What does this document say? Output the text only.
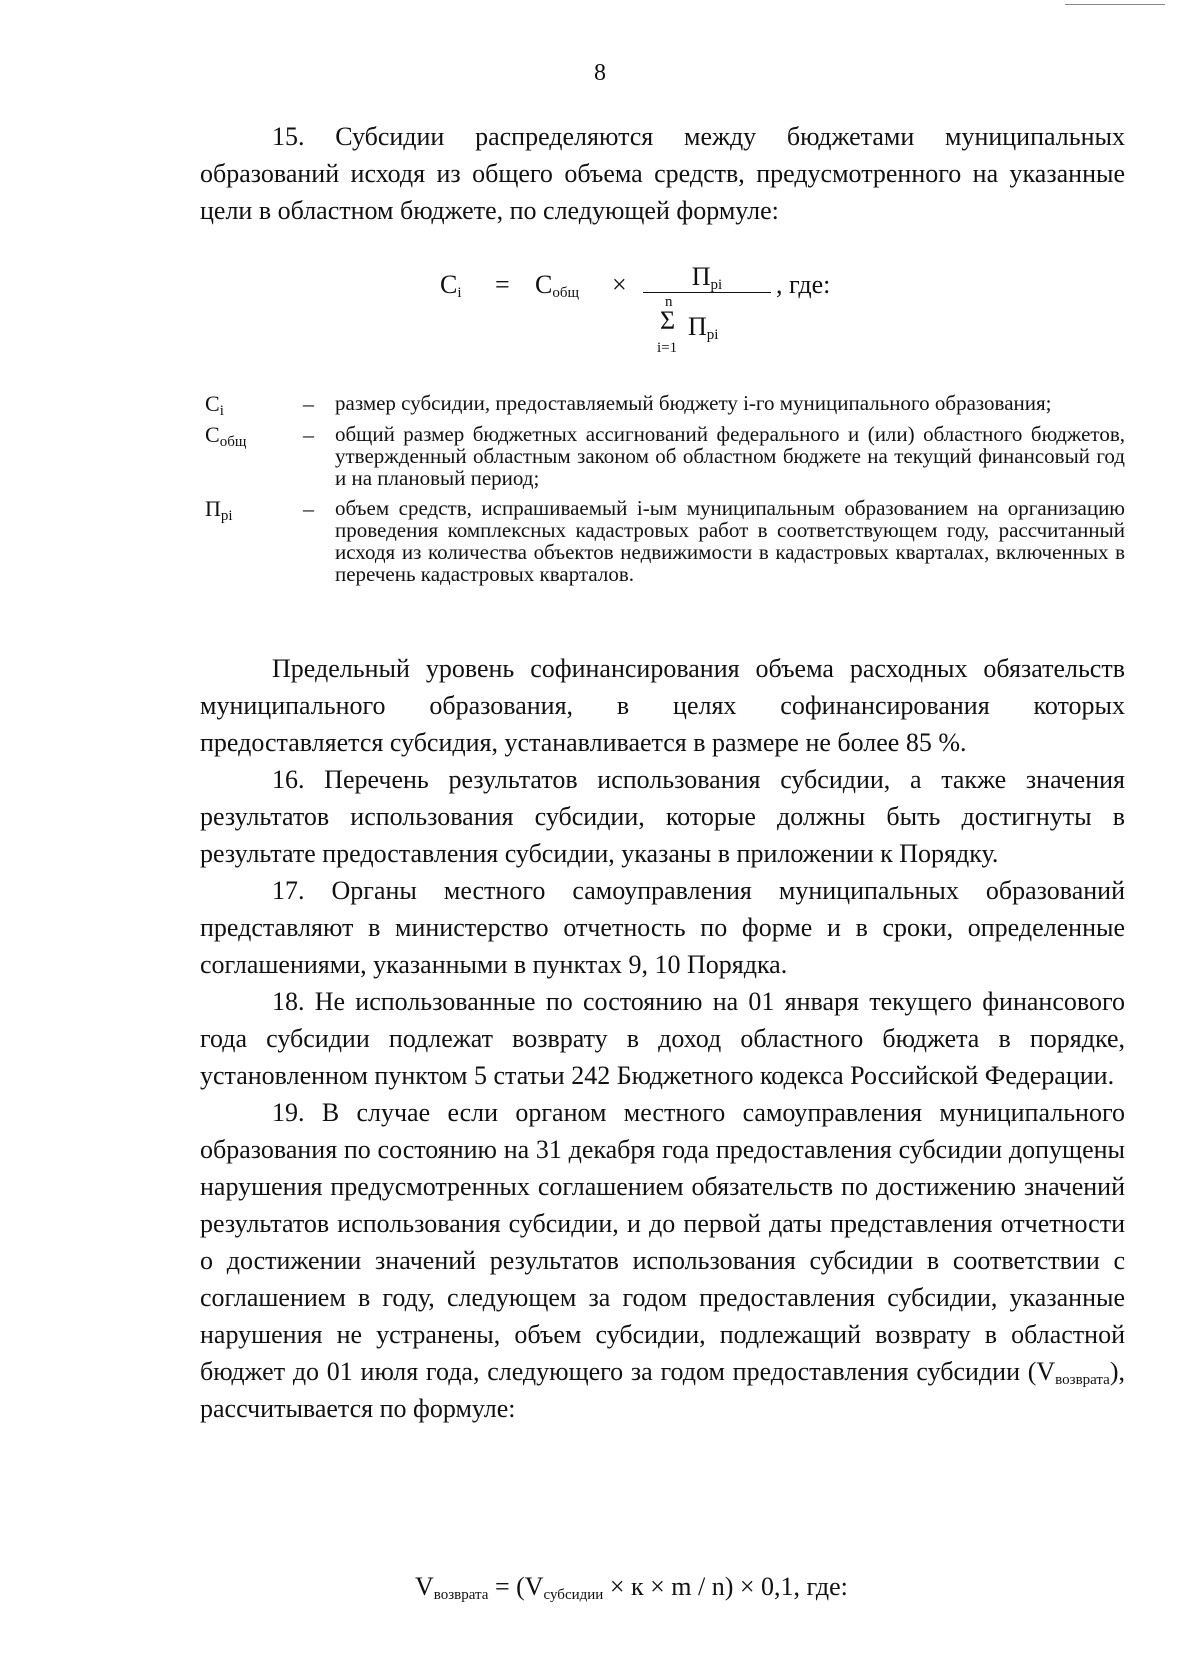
8

15. Субсидии распределяются между бюджетами муниципальных образований исходя из общего объема средств, предусмотренного на указанные цели в областном бюджете, по следующей формуле:

$C_i = C_{общ}$ ×	$П_{pi}$	, где:
n
Σ
i=1
$П_{pi}$
$C_i$	–	размер субсидии, предоставляемый бюджету i-го муниципального образования;
$C_{общ}$	–	общий размер бюджетных ассигнований федерального и (или) областного бюджетов, утвержденный областным законом об областном бюджете на текущий финансовый год и на плановый период;
$П_{pi}$	–	объем средств, испрашиваемый i-ым муниципальным образованием на организацию проведения комплексных кадастровых работ в соответствующем году, рассчитанный исходя из количества объектов недвижимости в кадастровых кварталах, включенных в перечень кадастровых кварталов.

Предельный уровень софинансирования объема расходных обязательств муниципального образования, в целях софинансирования которых предоставляется субсидия, устанавливается в размере не более 85 %.

16. Перечень результатов использования субсидии, а также значения результатов использования субсидии, которые должны быть достигнуты в результате предоставления субсидии, указаны в приложении к Порядку.

17. Органы местного самоуправления муниципальных образований представляют в министерство отчетность по форме и в сроки, определенные соглашениями, указанными в пунктах 9, 10 Порядка.

18. Не использованные по состоянию на 01 января текущего финансового года субсидии подлежат возврату в доход областного бюджета в порядке, установленном пунктом 5 статьи 242 Бюджетного кодекса Российской Федерации.

19. В случае если органом местного самоуправления муниципального образования по состоянию на 31 декабря года предоставления субсидии допущены нарушения предусмотренных соглашением обязательств по достижению значений результатов использования субсидии, и до первой даты представления отчетности о достижении значений результатов использования субсидии в соответствии с соглашением в году, следующем за годом предоставления субсидии, указанные нарушения не устранены, объем субсидии, подлежащий возврату в областной бюджет до 01 июля года, следующего за годом предоставления субсидии $(V_{возврата})$, рассчитывается по формуле:

$V_{возврата} = (V_{субсидии} \times к \times m / n) \times 0,1$, где:
